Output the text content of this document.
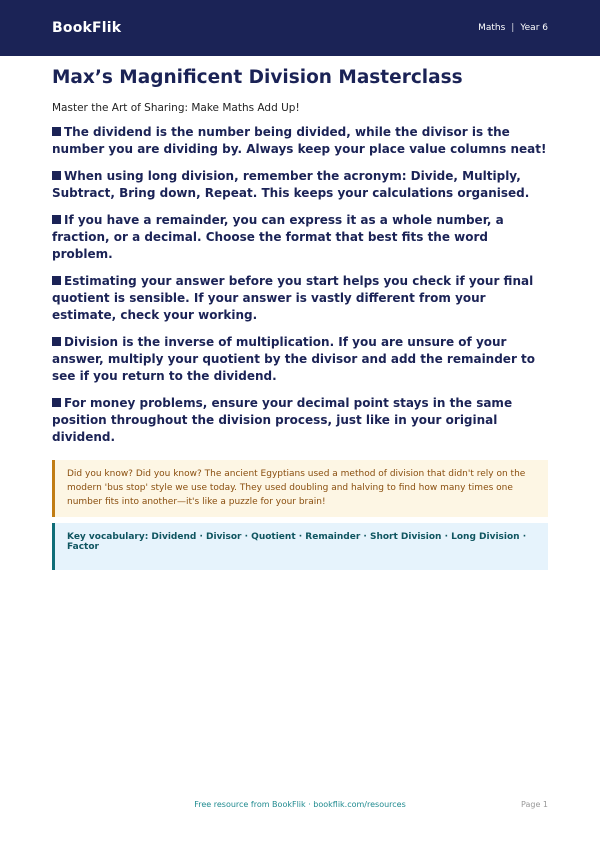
BookFlik	Maths | Year 6
Max’s Magnificent Division Masterclass
Master the Art of Sharing: Make Maths Add Up!
The dividend is the number being divided, while the divisor is the number you are dividing by. Always keep your place value columns neat!
When using long division, remember the acronym: Divide, Multiply, Subtract, Bring down, Repeat. This keeps your calculations organised.
If you have a remainder, you can express it as a whole number, a fraction, or a decimal. Choose the format that best fits the word problem.
Estimating your answer before you start helps you check if your final quotient is sensible. If your answer is vastly different from your estimate, check your working.
Division is the inverse of multiplication. If you are unsure of your answer, multiply your quotient by the divisor and add the remainder to see if you return to the dividend.
For money problems, ensure your decimal point stays in the same position throughout the division process, just like in your original dividend.
Did you know? Did you know? The ancient Egyptians used a method of division that didn't rely on the modern 'bus stop' style we use today. They used doubling and halving to find how many times one number fits into another—it's like a puzzle for your brain!
Key vocabulary: Dividend · Divisor · Quotient · Remainder · Short Division · Long Division · Factor
Free resource from BookFlik · bookflik.com/resources	Page 1
